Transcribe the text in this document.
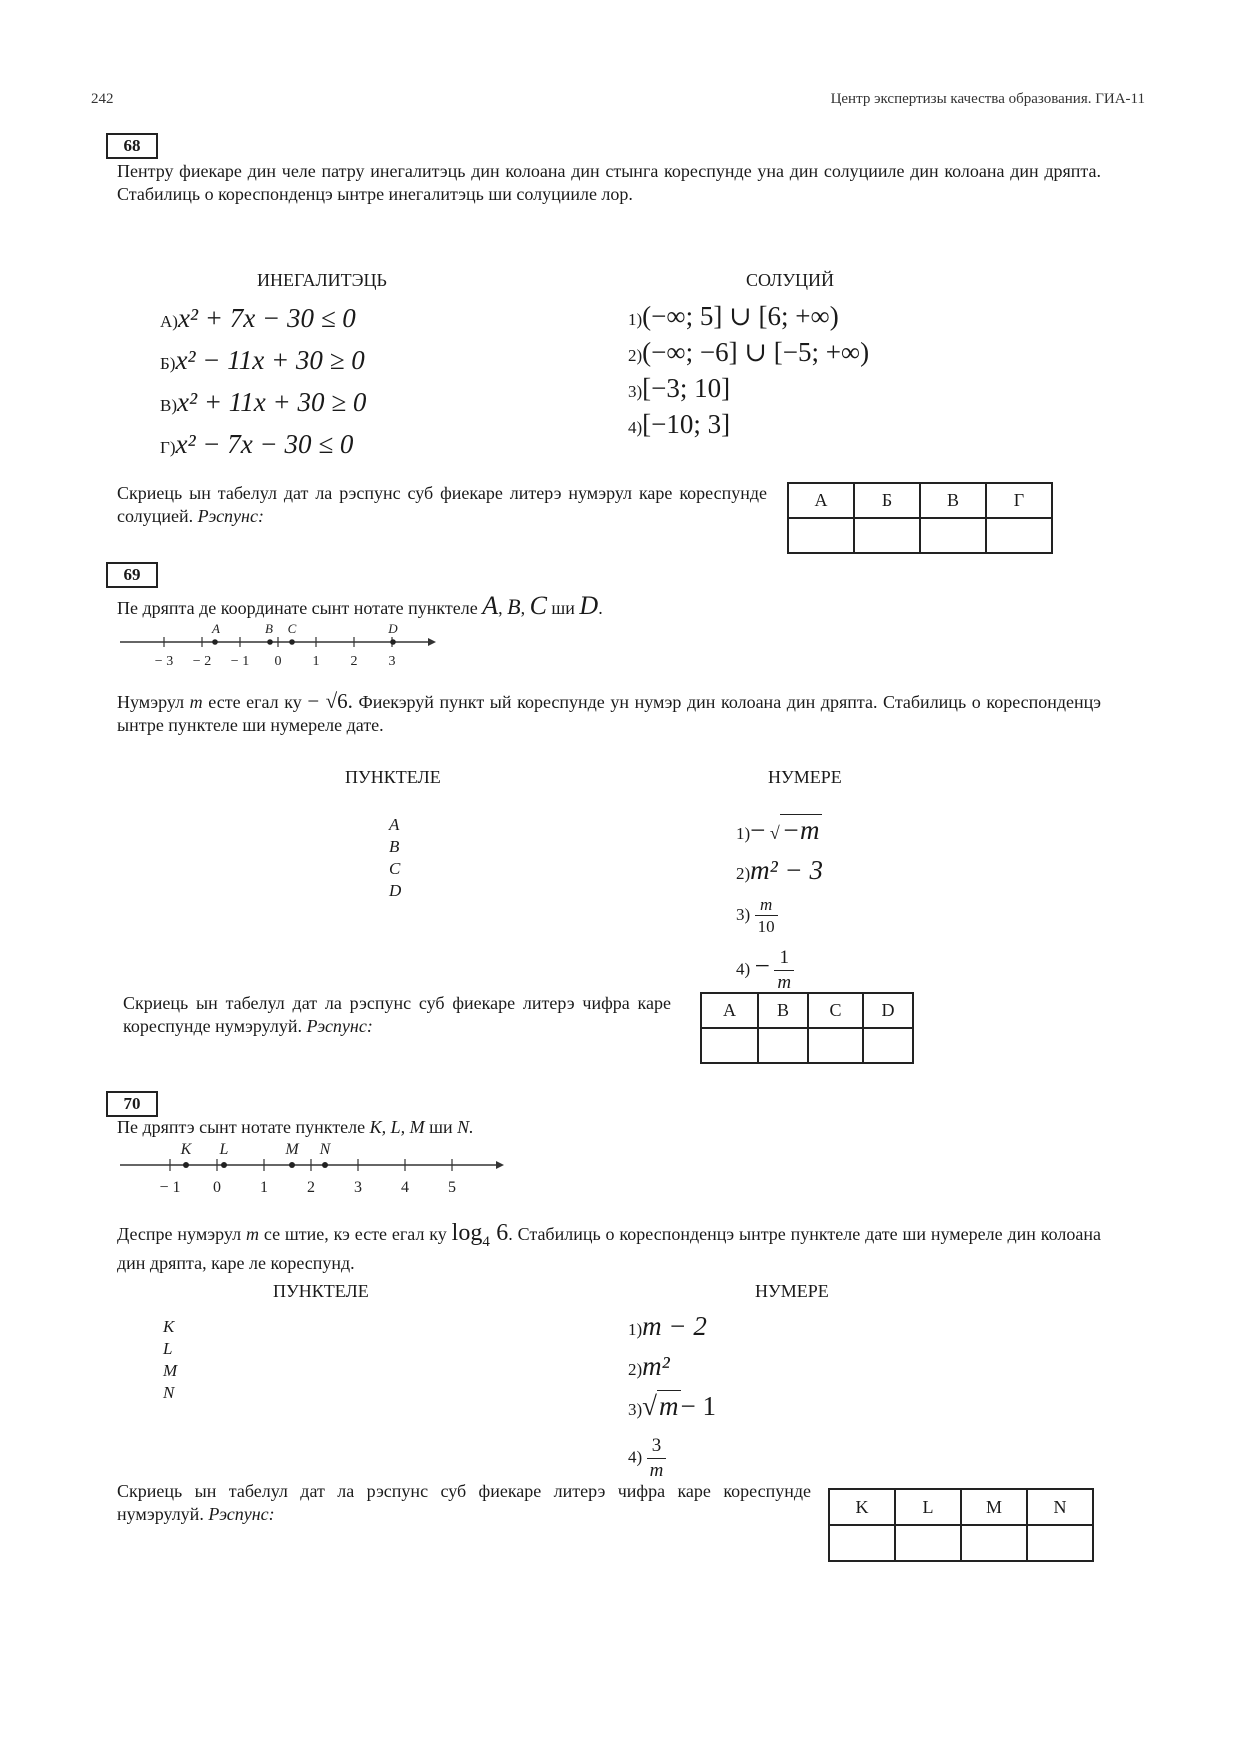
242	Центр экспертизы качества образования. ГИА-11
68
Пентру фиекаре дин челе патру инегалитэць дин колоана дин стынга кореспунде уна дин солуцииле дин колоана дин дряпта. Стабилиць о кореспонденцэ ынтре инегалитэць ши солуцииле лор.
ИНЕГАЛИТЭЦЬ	СОЛУЦИЙ
А)x² + 7x − 30 ≤ 0
Б)x² − 11x + 30 ≥ 0
В)x² + 11x + 30 ≥ 0
Г)x² − 7x − 30 ≤ 0
1)(−∞; 5] ∪ [6; +∞)
2)(−∞; −6] ∪ [−5; +∞)
3)[−3; 10]
4)[−10; 3]
Скриець ын табелул дат ла рэспунс суб фиекаре литерэ нумэрул каре кореспунде солуцией. Рэспунс:
А	Б	В	Г

69
Пе дряпта де координате сынт нотате пунктеле A, B, C ши D.
A	B C	D
− 3 − 2 − 1 0 1 2 3
Нумэрул m есте егал ку − √6. Фиекэруй пункт ый кореспунде ун нумэр дин колоана дин дряпта. Стабилиць о кореспонденцэ ынтре пунктеле ши нумереле дате.
ПУНКТЕЛЕ	НУМЕРЕ
A
B
C
D
1)− √−m
2)m² − 3
$3) \frac{m}{10}$
$4) - \frac{1}{m}$
Скриець ын табелул дат ла рэспунс суб фиекаре литерэ чифра каре кореспунде нумэрулуй. Рэспунс:
A	B	C	D

70
Пе дряптэ сынт нотате пунктеле K, L, M ши N.
K L	M N
− 1 0 1 2 3 4 5
Деспре нумэрул m се штие, кэ есте егал ку $\log_4 6$. Стабилиць о кореспонденцэ ынтре пунктеле дате ши нумереле дин колоана дин дряпта, каре ле кореспунд.
ПУНКТЕЛЕ	НУМЕРЕ
K
L
M
N
1)m − 2
2)m²
3)√m− 1
$4) \frac{3}{m}$
Скриець ын табелул дат ла рэспунс суб фиекаре литерэ чифра каре кореспунде нумэрулуй. Рэспунс:	K	L	M	N
